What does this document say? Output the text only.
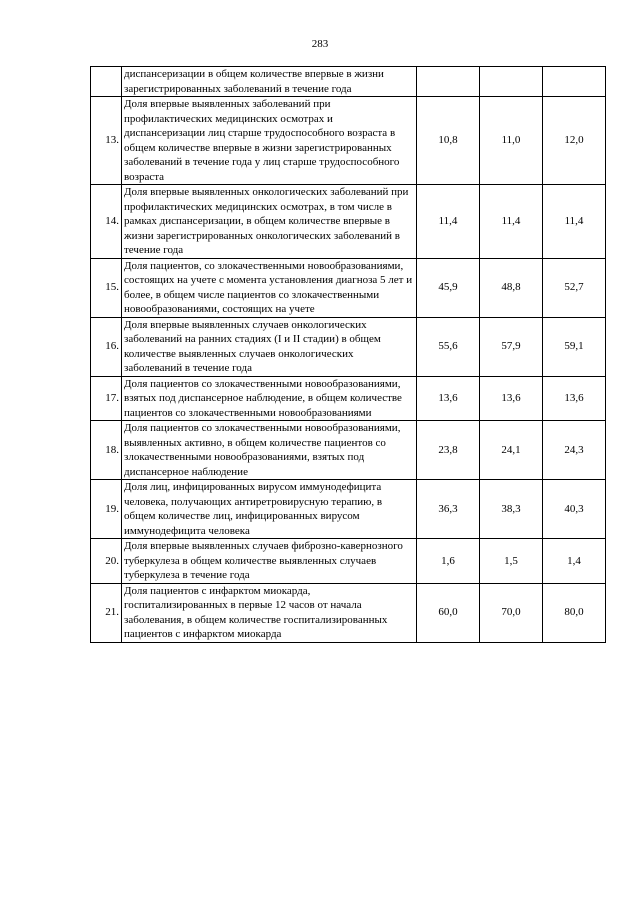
283
	диспансеризации в общем количестве впервые в жизни зарегистрированных заболеваний в течение года			
13.	Доля впервые выявленных заболеваний при профилактических медицинских осмотрах и диспансеризации лиц старше трудоспособного возраста в общем количестве впервые в жизни зарегистрированных заболеваний в течение года у лиц старше трудоспособного возраста	10,8	11,0	12,0
14.	Доля впервые выявленных онкологических заболеваний при профилактических медицинских осмотрах, в том числе в рамках диспансеризации, в общем количестве впервые в жизни зарегистрированных онкологических заболеваний в течение года	11,4	11,4	11,4
15.	Доля пациентов, со злокачественными новообразованиями, состоящих на учете с момента установления диагноза 5 лет и более, в общем числе пациентов со злокачественными новообразованиями, состоящих на учете	45,9	48,8	52,7
16.	Доля впервые выявленных случаев онкологических заболеваний на ранних стадиях (I и II стадии) в общем количестве выявленных случаев онкологических заболеваний в течение года	55,6	57,9	59,1
17.	Доля пациентов со злокачественными новообразованиями, взятых под диспансерное наблюдение, в общем количестве пациентов со злокачественными новообразованиями	13,6	13,6	13,6
18.	Доля пациентов со злокачественными новообразованиями, выявленных активно, в общем количестве пациентов со злокачественными новообразованиями, взятых под диспансерное наблюдение	23,8	24,1	24,3
19.	Доля лиц, инфицированных вирусом иммунодефицита человека, получающих антиретровирусную терапию, в общем количестве лиц, инфицированных вирусом иммунодефицита человека	36,3	38,3	40,3
20.	Доля впервые выявленных случаев фиброзно-кавернозного туберкулеза в общем количестве выявленных случаев туберкулеза в течение года	1,6	1,5	1,4
21.	Доля пациентов с инфарктом миокарда, госпитализированных в первые 12 часов от начала заболевания, в общем количестве госпитализированных пациентов с инфарктом миокарда	60,0	70,0	80,0
